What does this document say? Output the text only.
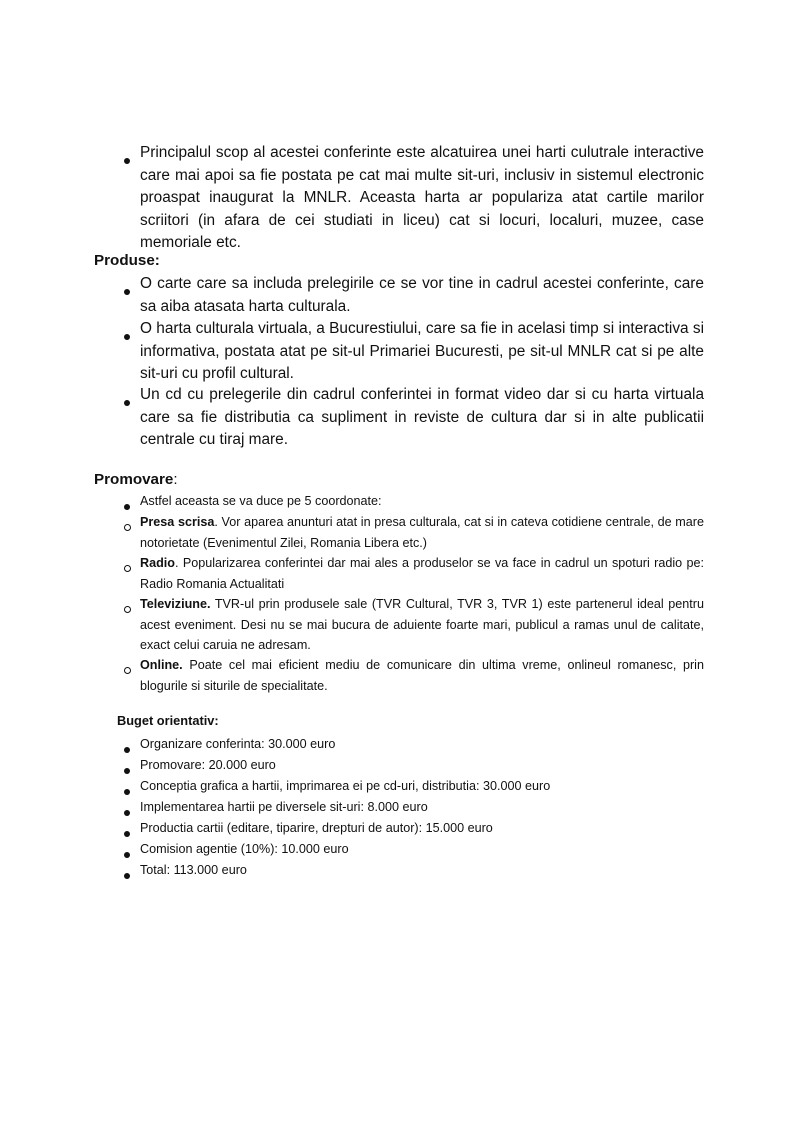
Principalul scop al acestei conferinte este alcatuirea unei harti culutrale interactive care mai apoi sa fie postata pe cat mai multe sit-uri, inclusiv in sistemul electronic proaspat inaugurat la MNLR. Aceasta harta ar populariza atat cartile marilor scriitori (in afara de cei studiati in liceu) cat si locuri, localuri, muzee, case memoriale etc.
Produse:
O carte care sa includa prelegirile ce se vor tine in cadrul acestei conferinte, care sa aiba atasata harta culturala.
O harta culturala virtuala, a Bucurestiului, care sa fie in acelasi timp si interactiva si informativa, postata atat pe sit-ul Primariei Bucuresti, pe sit-ul MNLR cat si pe alte sit-uri cu profil cultural.
Un cd cu prelegerile din cadrul conferintei in format video dar si cu harta virtuala care sa fie distributia ca supliment in reviste de cultura dar si in alte publicatii centrale cu tiraj mare.
Promovare:
Astfel aceasta se va duce pe 5 coordonate:
Presa scrisa. Vor aparea anunturi atat in presa culturala, cat si in cateva cotidiene centrale, de mare notorietate (Evenimentul Zilei, Romania Libera etc.)
Radio. Popularizarea conferintei dar mai ales a produselor se va face in cadrul un spoturi radio pe: Radio Romania Actualitati
Televiziune. TVR-ul prin produsele sale (TVR Cultural, TVR 3, TVR 1) este partenerul ideal pentru acest eveniment. Desi nu se mai bucura de aduiente foarte mari, publicul a ramas unul de calitate, exact celui caruia ne adresam.
Online. Poate cel mai eficient mediu de comunicare din ultima vreme, onlineul romanesc, prin blogurile si siturile de specialitate.
Buget orientativ:
Organizare conferinta: 30.000 euro
Promovare: 20.000 euro
Conceptia grafica a hartii, imprimarea ei pe cd-uri, distributia: 30.000 euro
Implementarea hartii pe diversele sit-uri: 8.000 euro
Productia cartii (editare, tiparire, drepturi de autor): 15.000 euro
Comision agentie (10%): 10.000 euro
Total: 113.000 euro
